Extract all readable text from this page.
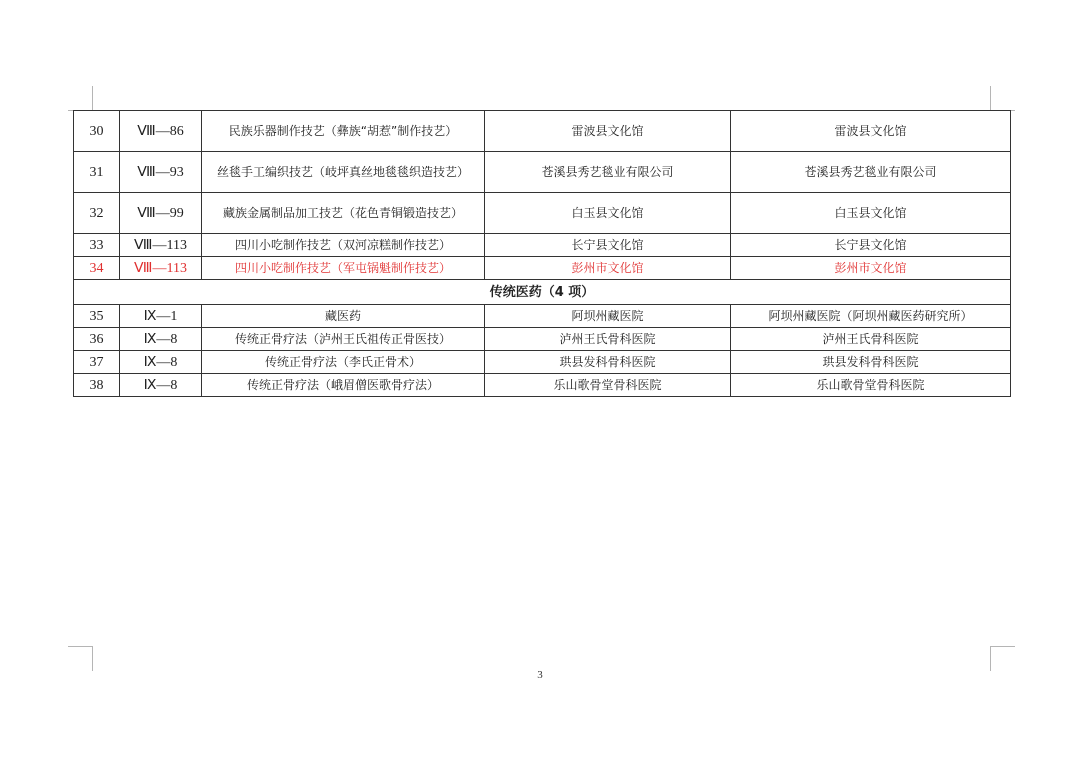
30	Ⅷ—86	民族乐器制作技艺（彝族“胡惹”制作技艺）	雷波县文化馆	雷波县文化馆
31	Ⅷ—93	丝毯手工编织技艺（岐坪真丝地毯毯织造技艺）	苍溪县秀艺毯业有限公司	苍溪县秀艺毯业有限公司
32	Ⅷ—99	藏族金属制品加工技艺（花色青铜锻造技艺）	白玉县文化馆	白玉县文化馆
33	Ⅷ—113	四川小吃制作技艺（双河凉糕制作技艺）	长宁县文化馆	长宁县文化馆
34	Ⅷ—113	四川小吃制作技艺（军屯锅魁制作技艺）	彭州市文化馆	彭州市文化馆
传统医药（4 项）				
35	Ⅸ—1	藏医药	阿坝州藏医院	阿坝州藏医院（阿坝州藏医药研究所）
36	Ⅸ—8	传统正骨疗法（泸州王氏祖传正骨医技）	泸州王氏骨科医院	泸州王氏骨科医院
37	Ⅸ—8	传统正骨疗法（李氏正骨术）	珙县发科骨科医院	珙县发科骨科医院
38	Ⅸ—8	传统正骨疗法（峨眉僧医歌骨疗法）	乐山歌骨堂骨科医院	乐山歌骨堂骨科医院
3
